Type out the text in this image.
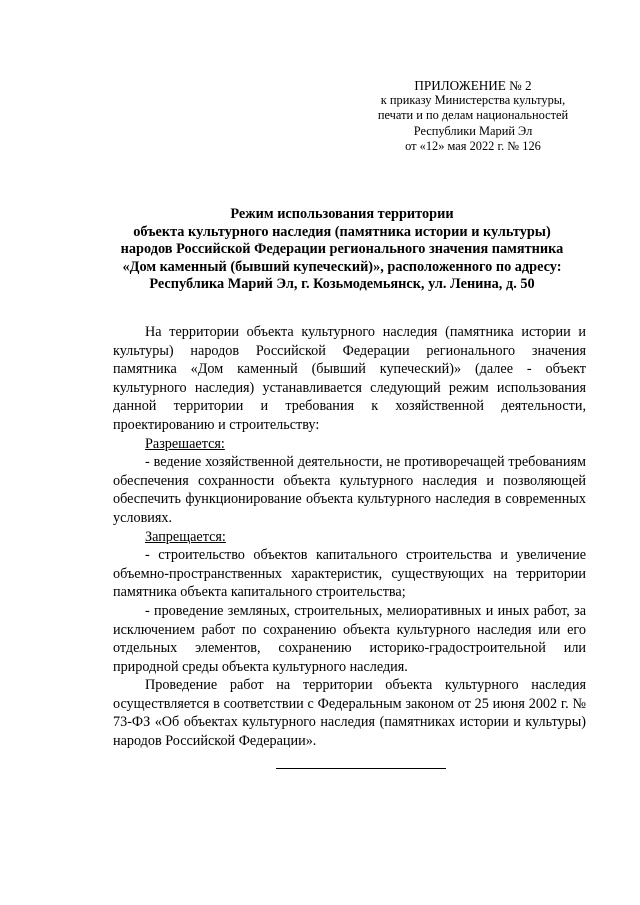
ПРИЛОЖЕНИЕ № 2
к приказу Министерства культуры,
печати и по делам национальностей
Республики Марий Эл
от «12» мая 2022 г. № 126
Режим использования территории
объекта культурного наследия (памятника истории и культуры)
народов Российской Федерации регионального значения памятника
«Дом каменный (бывший купеческий)», расположенного по адресу:
Республика Марий Эл, г. Козьмодемьянск, ул. Ленина, д. 50

На территории объекта культурного наследия (памятника истории и культуры) народов Российской Федерации регионального значения памятника «Дом каменный (бывший купеческий)» (далее - объект культурного наследия) устанавливается следующий режим использования данной территории и требования к хозяйственной деятельности, проектированию и строительству:

Разрешается:

- ведение хозяйственной деятельности, не противоречащей требованиям обеспечения сохранности объекта культурного наследия и позволяющей обеспечить функционирование объекта культурного наследия в современных условиях.

Запрещается:

- строительство объектов капитального строительства и увеличение объемно-пространственных характеристик, существующих на территории памятника объекта капитального строительства;

- проведение земляных, строительных, мелиоративных и иных работ, за исключением работ по сохранению объекта культурного наследия или его отдельных элементов, сохранению историко-градостроительной или природной среды объекта культурного наследия.

Проведение работ на территории объекта культурного наследия осуществляется в соответствии с Федеральным законом от 25 июня 2002 г. № 73-ФЗ «Об объектах культурного наследия (памятниках истории и культуры) народов Российской Федерации».
